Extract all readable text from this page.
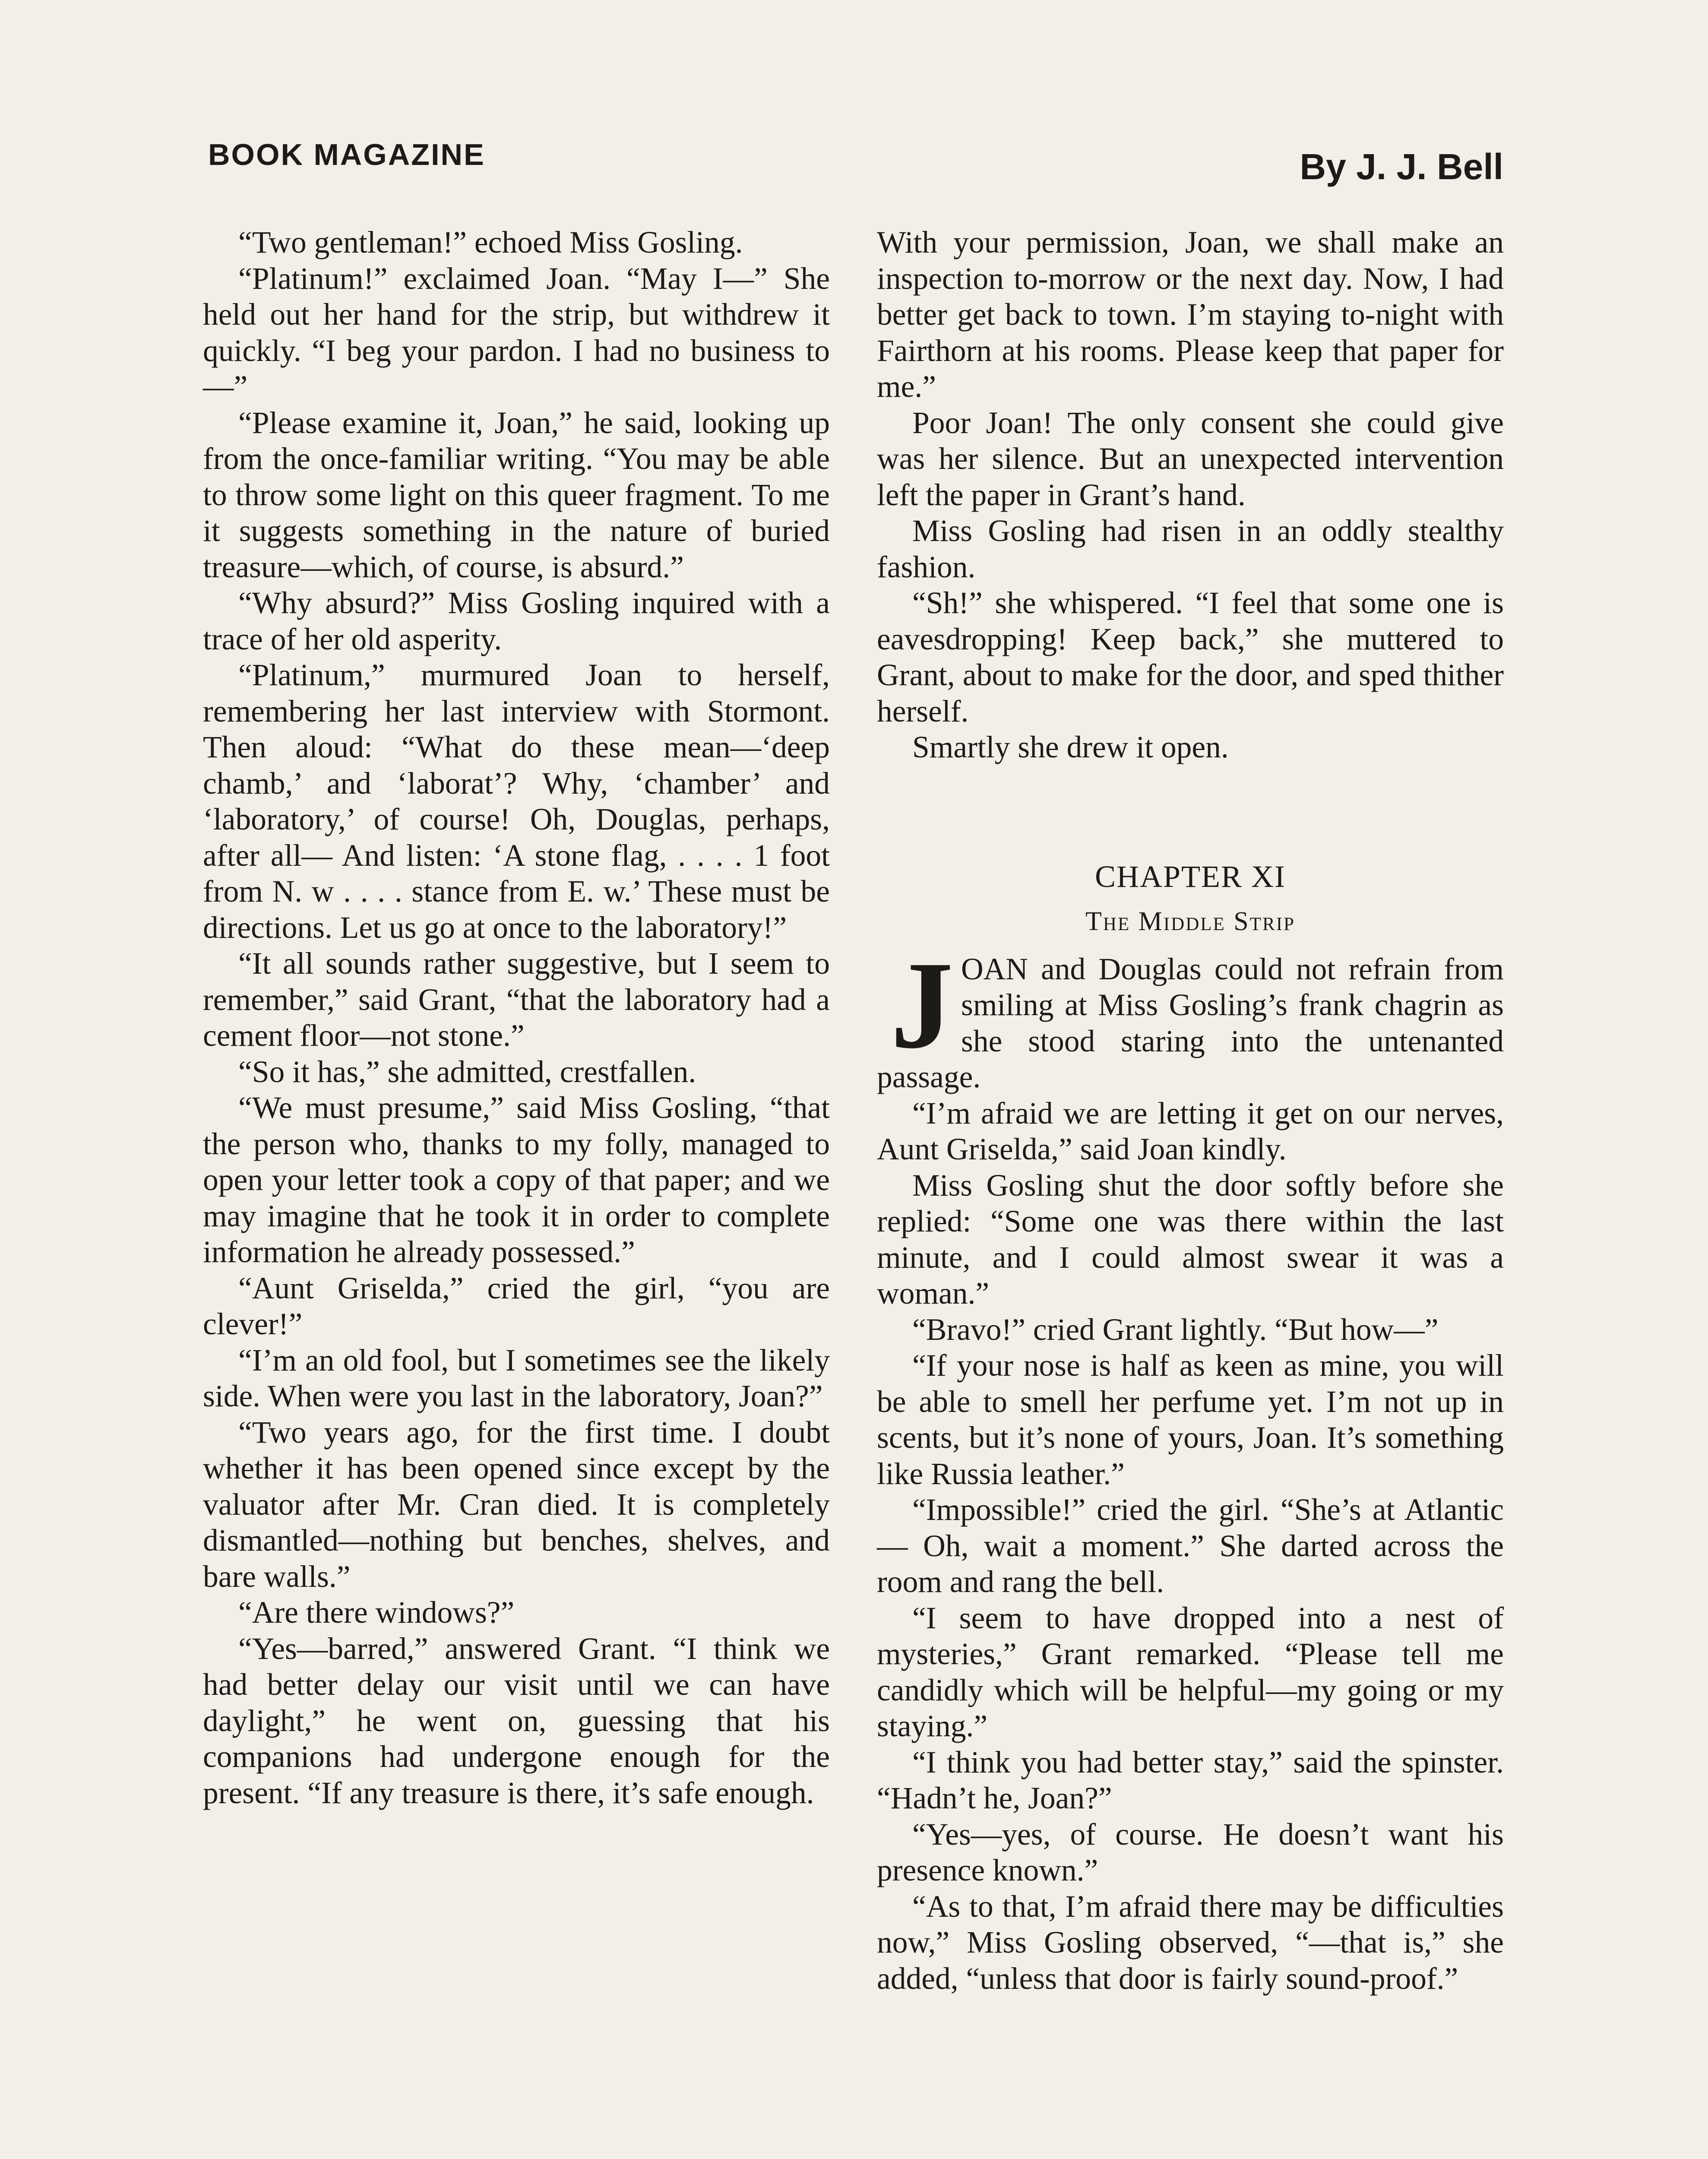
BOOK MAGAZINE	By J. J. Bell

“Two gentleman!” echoed Miss Gosling.

“Platinum!” exclaimed Joan. “May I—” She held out her hand for the strip, but withdrew it quickly. “I beg your pardon. I had no business to—”

“Please examine it, Joan,” he said, looking up from the once-familiar writing. “You may be able to throw some light on this queer fragment. To me it suggests something in the nature of buried treasure—which, of course, is absurd.”

“Why absurd?” Miss Gosling inquired with a trace of her old asperity.

“Platinum,” murmured Joan to herself, remembering her last interview with Stormont. Then aloud: “What do these mean—‘deep chamb,’ and ‘laborat’? Why, ‘chamber’ and ‘laboratory,’ of course! Oh, Douglas, perhaps, after all— And listen: ‘A stone flag, . . . . 1 foot from N. w . . . . stance from E. w.’ These must be directions. Let us go at once to the laboratory!”

“It all sounds rather suggestive, but I seem to remember,” said Grant, “that the laboratory had a cement floor—not stone.”

“So it has,” she admitted, crestfallen.

“We must presume,” said Miss Gosling, “that the person who, thanks to my folly, managed to open your letter took a copy of that paper; and we may imagine that he took it in order to complete information he already possessed.”

“Aunt Griselda,” cried the girl, “you are clever!”

“I’m an old fool, but I sometimes see the likely side. When were you last in the laboratory, Joan?”

“Two years ago, for the first time. I doubt whether it has been opened since except by the valuator after Mr. Cran died. It is completely dismantled—nothing but benches, shelves, and bare walls.”

“Are there windows?”

“Yes—barred,” answered Grant. “I think we had better delay our visit until we can have daylight,” he went on, guessing that his companions had undergone enough for the present. “If any treasure is there, it’s safe enough.

With your permission, Joan, we shall make an inspection to-morrow or the next day. Now, I had better get back to town. I’m staying to-night with Fairthorn at his rooms. Please keep that paper for me.”

Poor Joan! The only consent she could give was her silence. But an unexpected intervention left the paper in Grant’s hand.

Miss Gosling had risen in an oddly stealthy fashion.

“Sh!” she whispered. “I feel that some one is eavesdropping! Keep back,” she muttered to Grant, about to make for the door, and sped thither herself.

Smartly she drew it open.

CHAPTER XI
The Middle Strip

JOAN and Douglas could not refrain from smiling at Miss Gosling’s frank chagrin as she stood staring into the untenanted passage.

“I’m afraid we are letting it get on our nerves, Aunt Griselda,” said Joan kindly.

Miss Gosling shut the door softly before she replied: “Some one was there within the last minute, and I could almost swear it was a woman.”

“Bravo!” cried Grant lightly. “But how—”

“If your nose is half as keen as mine, you will be able to smell her perfume yet. I’m not up in scents, but it’s none of yours, Joan. It’s something like Russia leather.”

“Impossible!” cried the girl. “She’s at Atlantic— Oh, wait a moment.” She darted across the room and rang the bell.

“I seem to have dropped into a nest of mysteries,” Grant remarked. “Please tell me candidly which will be helpful—my going or my staying.”

“I think you had better stay,” said the spinster. “Hadn’t he, Joan?”

“Yes—yes, of course. He doesn’t want his presence known.”

“As to that, I’m afraid there may be difficulties now,” Miss Gosling observed, “—that is,” she added, “unless that door is fairly sound-proof.”
